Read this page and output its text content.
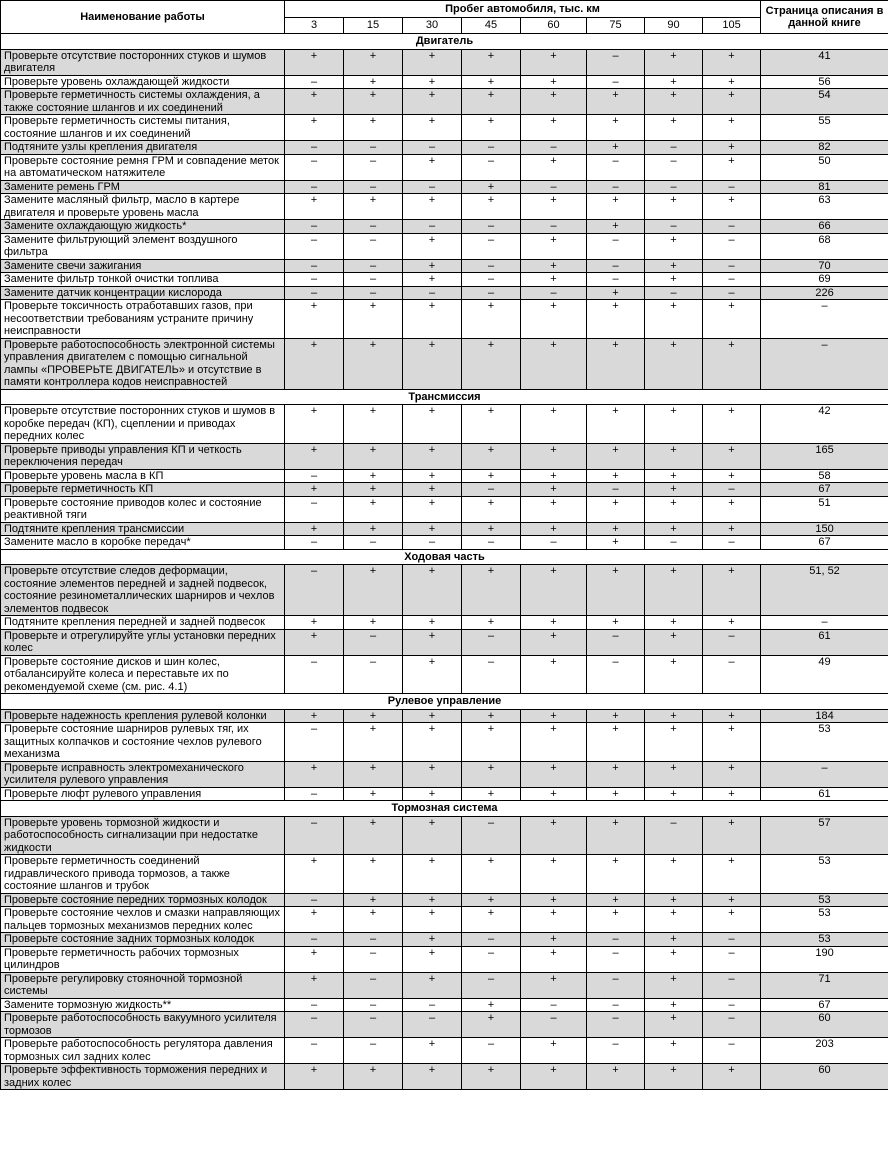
Наименование работы	Пробег автомобиля, тыс. км								Страница описания в данной книге
	3	15	30	45	60	75	90	105	
Двигатель									
Проверьте отсутствие посторонних стуков и шумов двигателя	+	+	+	+	+	–	+	+	41
Проверьте уровень охлаждающей жидкости	–	+	+	+	+	–	+	+	56
Проверьте герметичность системы охлаждения, а также состояние шлангов и их соединений	+	+	+	+	+	+	+	+	54
Проверьте герметичность системы питания, состояние шлангов и их соединений	+	+	+	+	+	+	+	+	55
Подтяните узлы крепления двигателя	–	–	–	–	–	+	–	+	82
Проверьте состояние ремня ГРМ и совпадение меток на автоматическом натяжителе	–	–	+	–	+	–	–	+	50
Замените ремень ГРМ	–	–	–	+	–	–	–	–	81
Замените масляный фильтр, масло в картере двигателя и проверьте уровень масла	+	+	+	+	+	+	+	+	63
Замените охлаждающую жидкость*	–	–	–	–	–	+	–	–	66
Замените фильтрующий элемент воздушного фильтра	–	–	+	–	+	–	+	–	68
Замените свечи зажигания	–	–	+	–	+	–	+	–	70
Замените фильтр тонкой очистки топлива	–	–	+	–	+	–	+	–	69
Замените датчик концентрации кислорода	–	–	–	–	–	+	–	–	226
Проверьте токсичность отработавших газов, при несоответствии требованиям устраните причину неисправности	+	+	+	+	+	+	+	+	–
Проверьте работоспособность электронной системы управления двигателем с помощью сигнальной лампы «ПРОВЕРЬТЕ ДВИГАТЕЛЬ» и отсутствие в памяти контроллера кодов неисправностей	+	+	+	+	+	+	+	+	–
Трансмиссия									
Проверьте отсутствие посторонних стуков и шумов в коробке передач (КП), сцеплении и приводах передних колес	+	+	+	+	+	+	+	+	42
Проверьте приводы управления КП и четкость переключения передач	+	+	+	+	+	+	+	+	165
Проверьте уровень масла в КП	–	+	+	+	+	+	+	+	58
Проверьте герметичность КП	+	+	+	–	+	–	+	–	67
Проверьте состояние приводов колес и состояние реактивной тяги	–	+	+	+	+	+	+	+	51
Подтяните крепления трансмиссии	+	+	+	+	+	+	+	+	150
Замените масло в коробке передач*	–	–	–	–	–	+	–	–	67
Ходовая часть									
Проверьте отсутствие следов деформации, состояние элементов передней и задней подвесок, состояние резинометаллических шарниров и чехлов элементов подвесок	–	+	+	+	+	+	+	+	51, 52
Подтяните крепления передней и задней подвесок	+	+	+	+	+	+	+	+	–
Проверьте и отрегулируйте углы установки передних колес	+	–	+	–	+	–	+	–	61
Проверьте состояние дисков и шин колес, отбалансируйте колеса и переставьте их по рекомендуемой схеме (см. рис. 4.1)	–	–	+	–	+	–	+	–	49
Рулевое управление									
Проверьте надежность крепления рулевой колонки	+	+	+	+	+	+	+	+	184
Проверьте состояние шарниров рулевых тяг, их защитных колпачков и состояние чехлов рулевого механизма	–	+	+	+	+	+	+	+	53
Проверьте исправность электромеханического усилителя рулевого управления	+	+	+	+	+	+	+	+	–
Проверьте люфт рулевого управления	–	+	+	+	+	+	+	+	61
Тормозная система									
Проверьте уровень тормозной жидкости и работоспособность сигнализации при недостатке жидкости	–	+	+	–	+	+	–	+	57
Проверьте герметичность соединений гидравлического привода тормозов, а также состояние шлангов и трубок	+	+	+	+	+	+	+	+	53
Проверьте состояние передних тормозных колодок	–	+	+	+	+	+	+	+	53
Проверьте состояние чехлов и смазки направляющих пальцев тормозных механизмов передних колес	+	+	+	+	+	+	+	+	53
Проверьте состояние задних тормозных колодок	–	–	+	–	+	–	+	–	53
Проверьте герметичность рабочих тормозных цилиндров	+	–	+	–	+	–	+	–	190
Проверьте регулировку стояночной тормозной системы	+	–	+	–	+	–	+	–	71
Замените тормозную жидкость**	–	–	–	+	–	–	+	–	67
Проверьте работоспособность вакуумного усилителя тормозов	–	–	–	+	–	–	+	–	60
Проверьте работоспособность регулятора давления тормозных сил задних колес	–	–	+	–	+	–	+	–	203
Проверьте эффективность торможения передних и задних колес	+	+	+	+	+	+	+	+	60
